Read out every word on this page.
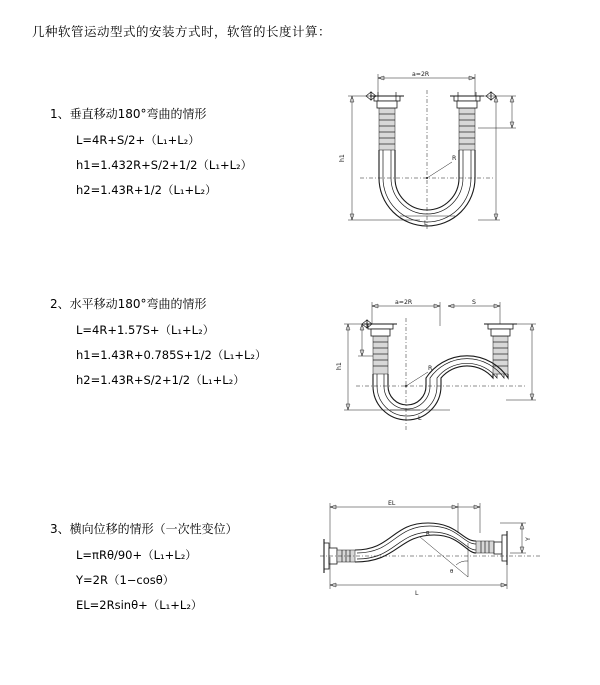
几种软管运动型式的安装方式时，软管的长度计算：
1、垂直移动180°弯曲的情形
L=4R+S/2+（L₁+L₂）
h1=1.432R+S/2+1/2（L₁+L₂）
h2=1.43R+1/2（L₁+L₂）
a=2R
h1	R
L
2、水平移动180°弯曲的情形
L=4R+1.57S+（L₁+L₂）
h1=1.43R+0.785S+1/2（L₁+L₂）
h2=1.43R+S/2+1/2（L₁+L₂）
a=2R	S
h1	R
L
3、横向位移的情形（一次性变位）
L=πRθ/90+（L₁+L₂）
Y=2R（1−cosθ）
EL=2Rsinθ+（L₁+L₂）
EL
Y
θ
R
L
